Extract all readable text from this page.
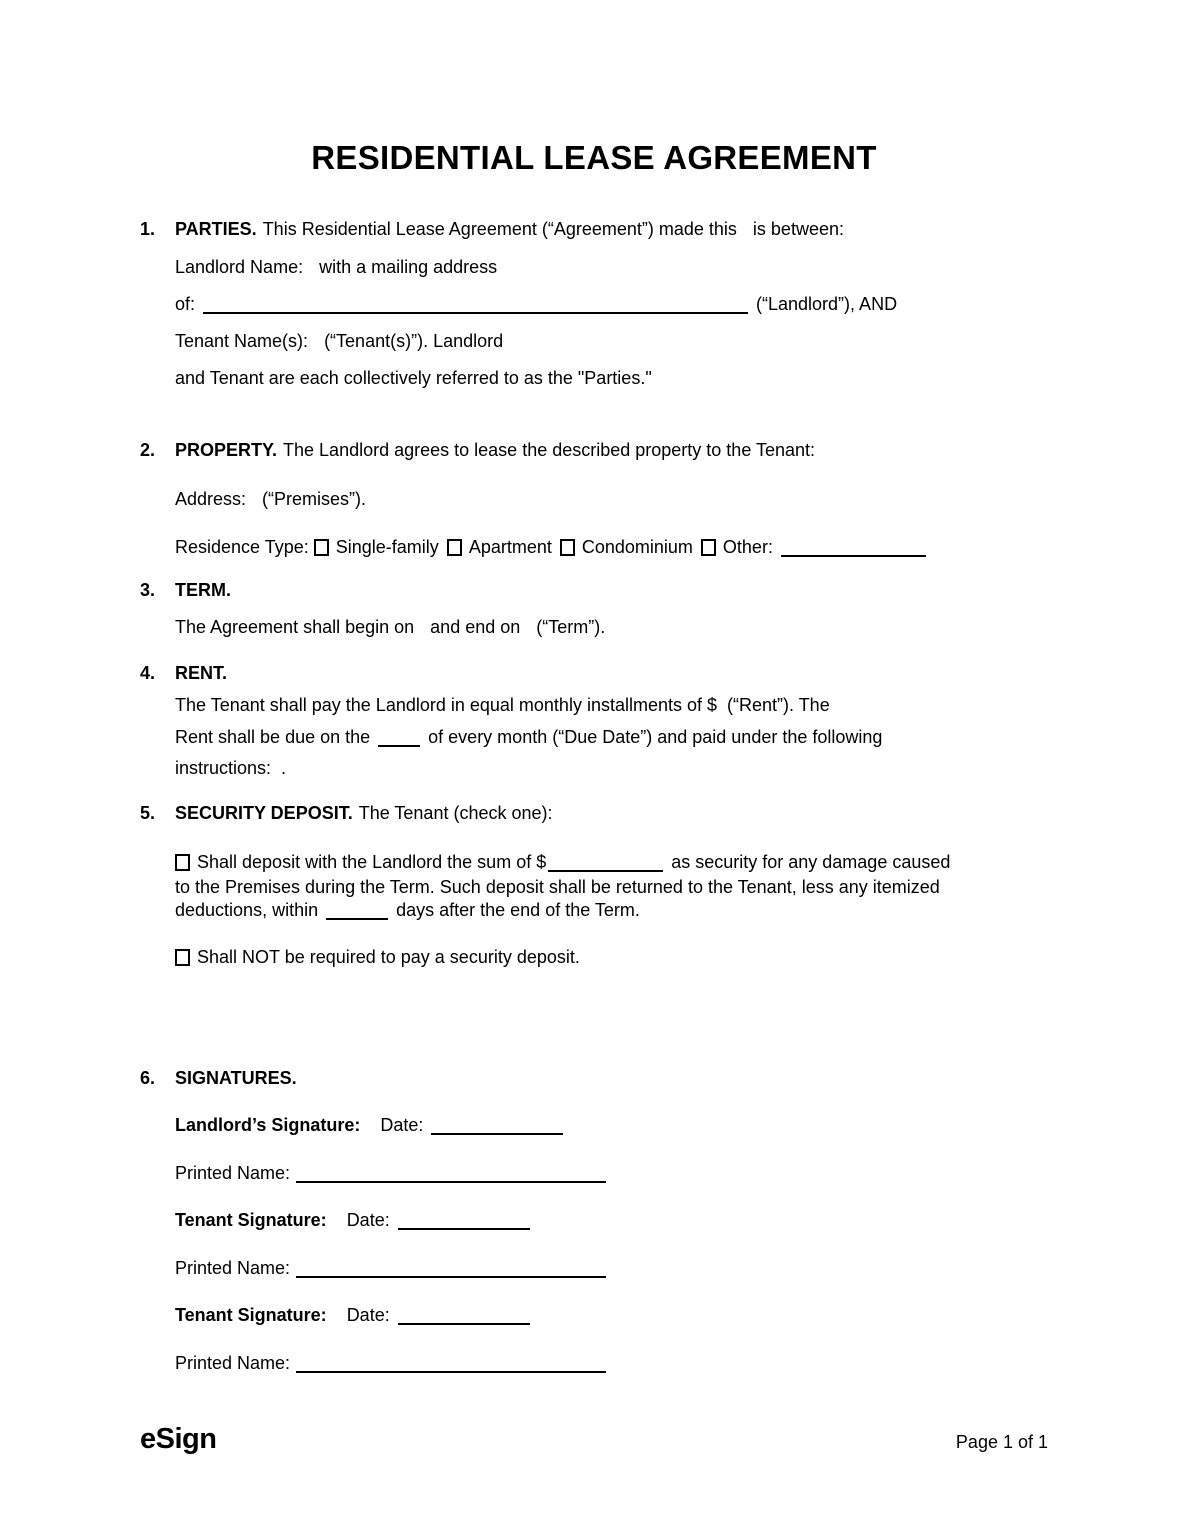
RESIDENTIAL LEASE AGREEMENT
1.	PARTIES. This Residential Lease Agreement (“Agreement”) made this is between:
Landlord Name: with a mailing address
of:	(“Landlord”), AND
Tenant Name(s): (“Tenant(s)”). Landlord
and Tenant are each collectively referred to as the "Parties."
2.	PROPERTY. The Landlord agrees to lease the described property to the Tenant:
Address: (“Premises”).
Residence Type: Single-family Apartment Condominium Other:
3.	TERM.
The Agreement shall begin on and end on (“Term”).
4.	RENT.
The Tenant shall pay the Landlord in equal monthly installments of $ (“Rent”). The
Rent shall be due on the	of every month (“Due Date”) and paid under the following
instructions: .
5.	SECURITY DEPOSIT. The Tenant (check one):
Shall deposit with the Landlord the sum of $	as security for any damage caused
to the Premises during the Term. Such deposit shall be returned to the Tenant, less any itemized
deductions, within	days after the end of the Term.
Shall NOT be required to pay a security deposit.
6.	SIGNATURES.
Landlord’s Signature: Date:
Printed Name:
Tenant Signature: Date:
Printed Name:
Tenant Signature: Date:
Printed Name:
eSign	Page 1 of 1
